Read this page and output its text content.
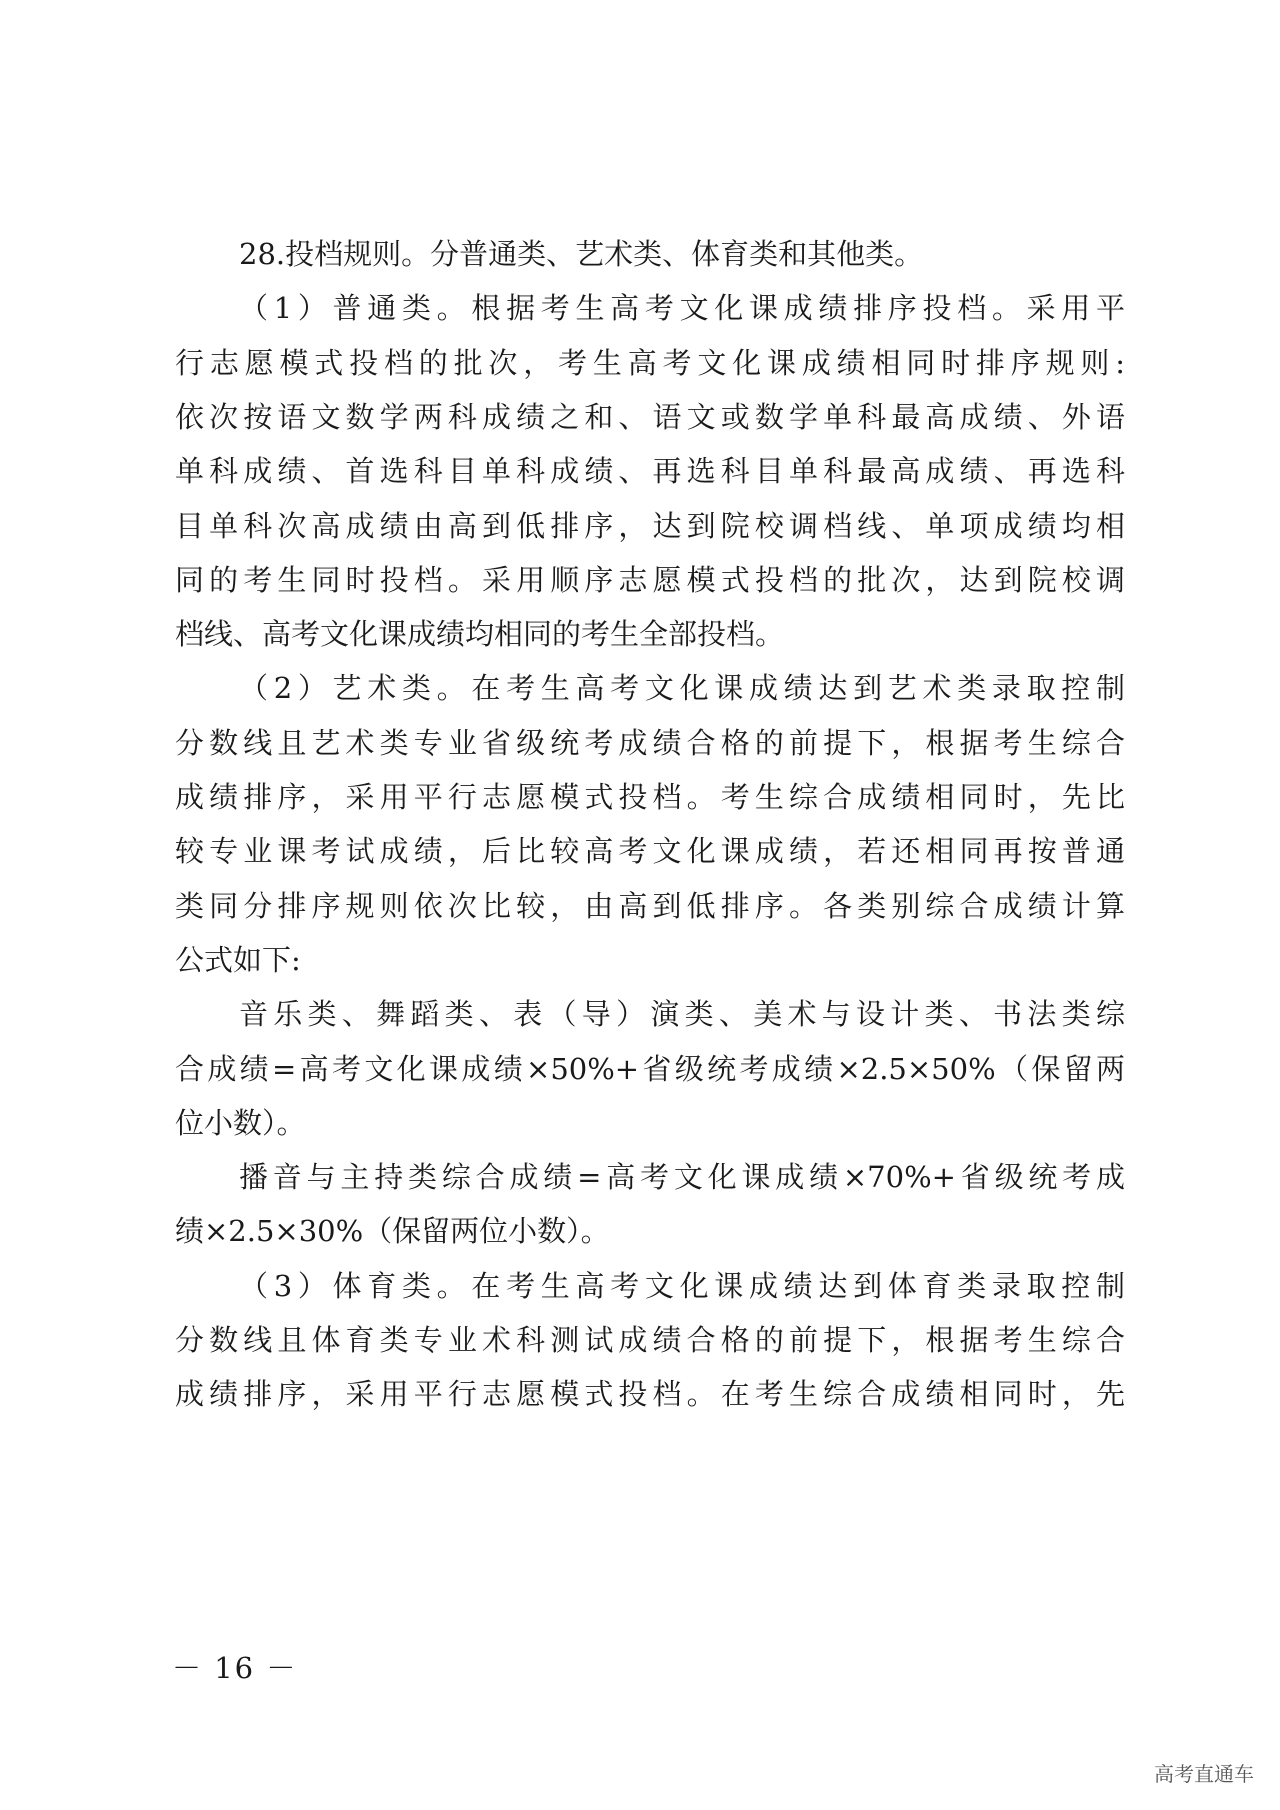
28.投档规则。分普通类、艺术类、体育类和其他类。
（1）普通类。根据考生高考文化课成绩排序投档。采用平
行志愿模式投档的批次，考生高考文化课成绩相同时排序规则:
依次按语文数学两科成绩之和、语文或数学单科最高成绩、外语
单科成绩、首选科目单科成绩、再选科目单科最高成绩、再选科
目单科次高成绩由高到低排序，达到院校调档线、单项成绩均相
同的考生同时投档。采用顺序志愿模式投档的批次，达到院校调
档线、高考文化课成绩均相同的考生全部投档。
（2）艺术类。在考生高考文化课成绩达到艺术类录取控制
分数线且艺术类专业省级统考成绩合格的前提下，根据考生综合
成绩排序，采用平行志愿模式投档。考生综合成绩相同时，先比
较专业课考试成绩，后比较高考文化课成绩，若还相同再按普通
类同分排序规则依次比较，由高到低排序。各类别综合成绩计算
公式如下:
音乐类、舞蹈类、表（导）演类、美术与设计类、书法类综
合成绩=高考文化课成绩×50%+省级统考成绩×2.5×50%（保留两
位小数）。
播音与主持类综合成绩=高考文化课成绩×70%+省级统考成
绩×2.5×30%（保留两位小数）。
（3）体育类。在考生高考文化课成绩达到体育类录取控制
分数线且体育类专业术科测试成绩合格的前提下，根据考生综合
成绩排序，采用平行志愿模式投档。在考生综合成绩相同时，先
－ 16 －
高考直通车
